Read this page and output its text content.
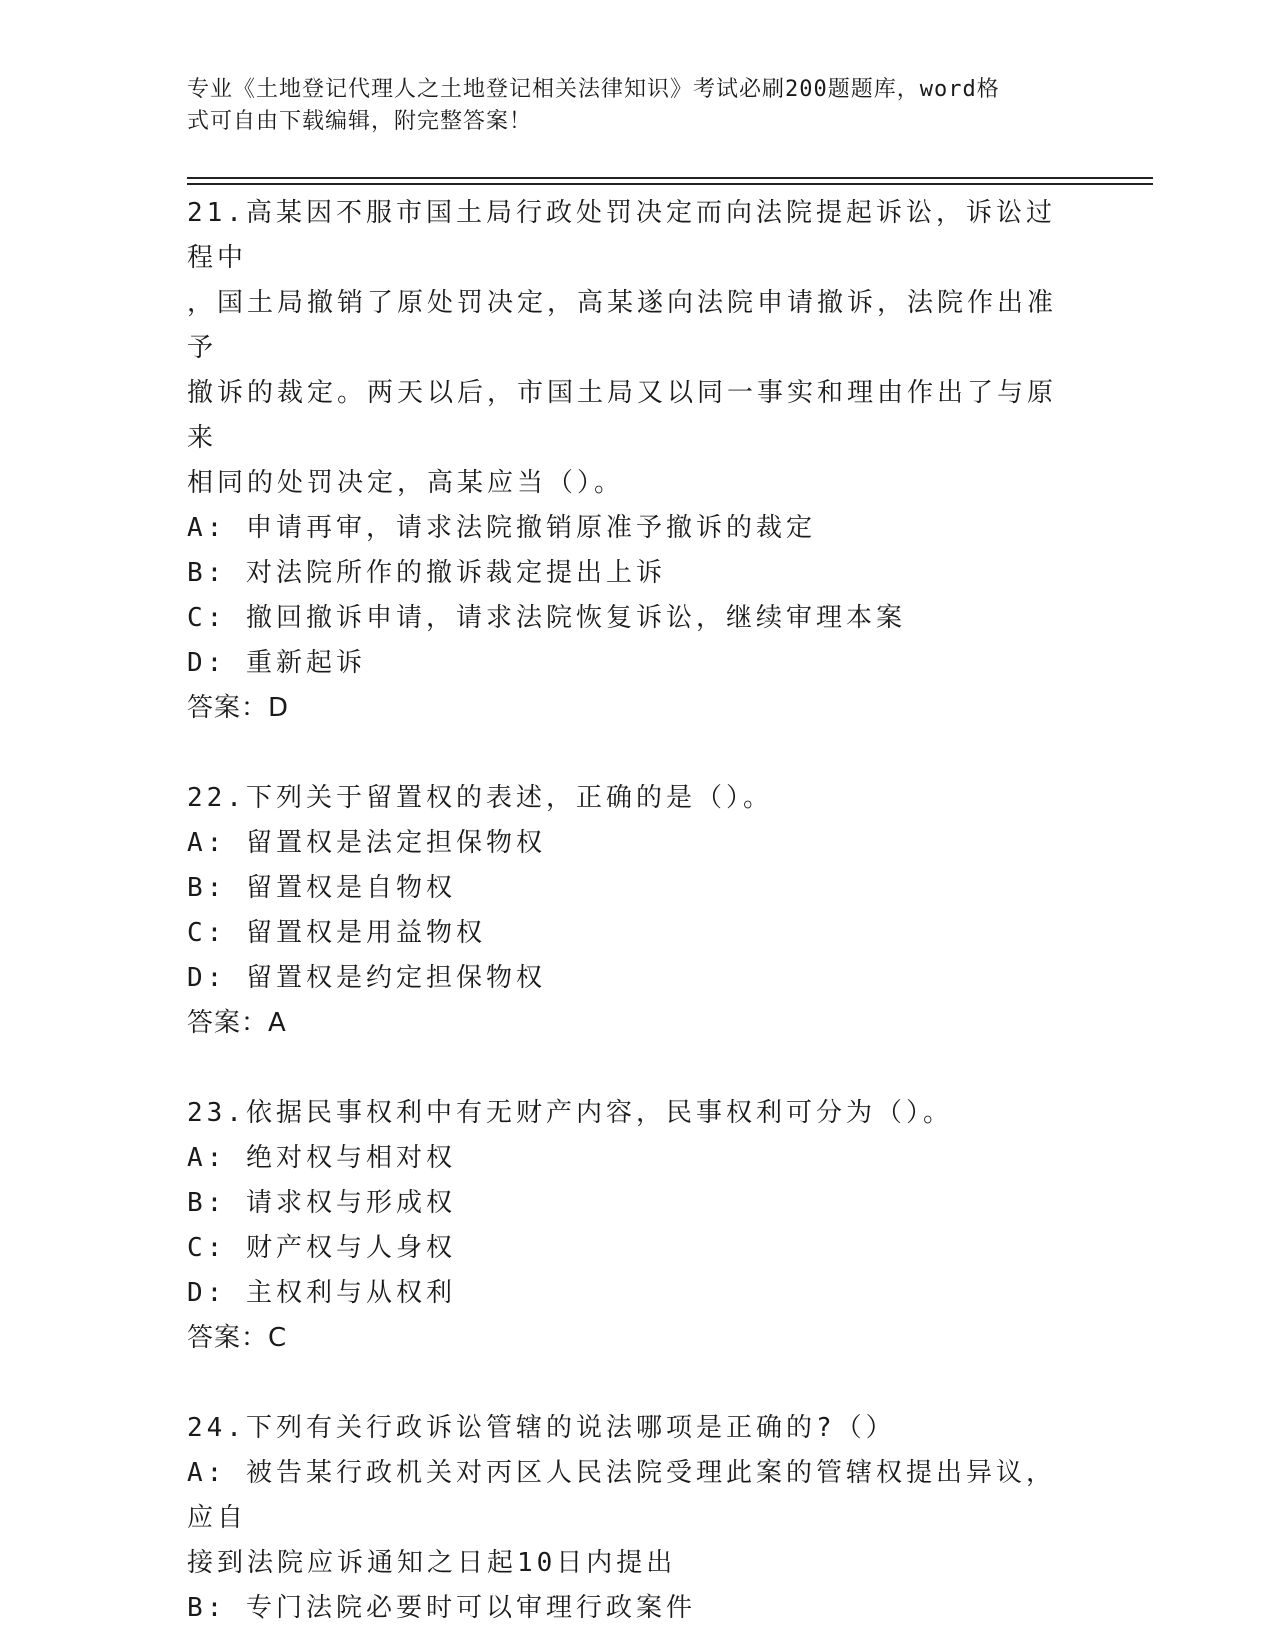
专业《土地登记代理人之土地登记相关法律知识》考试必刷200题题库，word格
式可自由下载编辑，附完整答案！
21.高某因不服市国土局行政处罚决定而向法院提起诉讼，诉讼过程中
，国土局撤销了原处罚决定，高某遂向法院申请撤诉，法院作出准予
撤诉的裁定。两天以后，市国土局又以同一事实和理由作出了与原来
相同的处罚决定，高某应当（）。
A: 申请再审，请求法院撤销原准予撤诉的裁定
B: 对法院所作的撤诉裁定提出上诉
C: 撤回撤诉申请，请求法院恢复诉讼，继续审理本案
D: 重新起诉
答案：D
22.下列关于留置权的表述，正确的是（）。
A: 留置权是法定担保物权
B: 留置权是自物权
C: 留置权是用益物权
D: 留置权是约定担保物权
答案：A
23.依据民事权利中有无财产内容，民事权利可分为（）。
A: 绝对权与相对权
B: 请求权与形成权
C: 财产权与人身权
D: 主权利与从权利
答案：C
24.下列有关行政诉讼管辖的说法哪项是正确的?（）
A: 被告某行政机关对丙区人民法院受理此案的管辖权提出异议，应自
接到法院应诉通知之日起10日内提出
B: 专门法院必要时可以审理行政案件
